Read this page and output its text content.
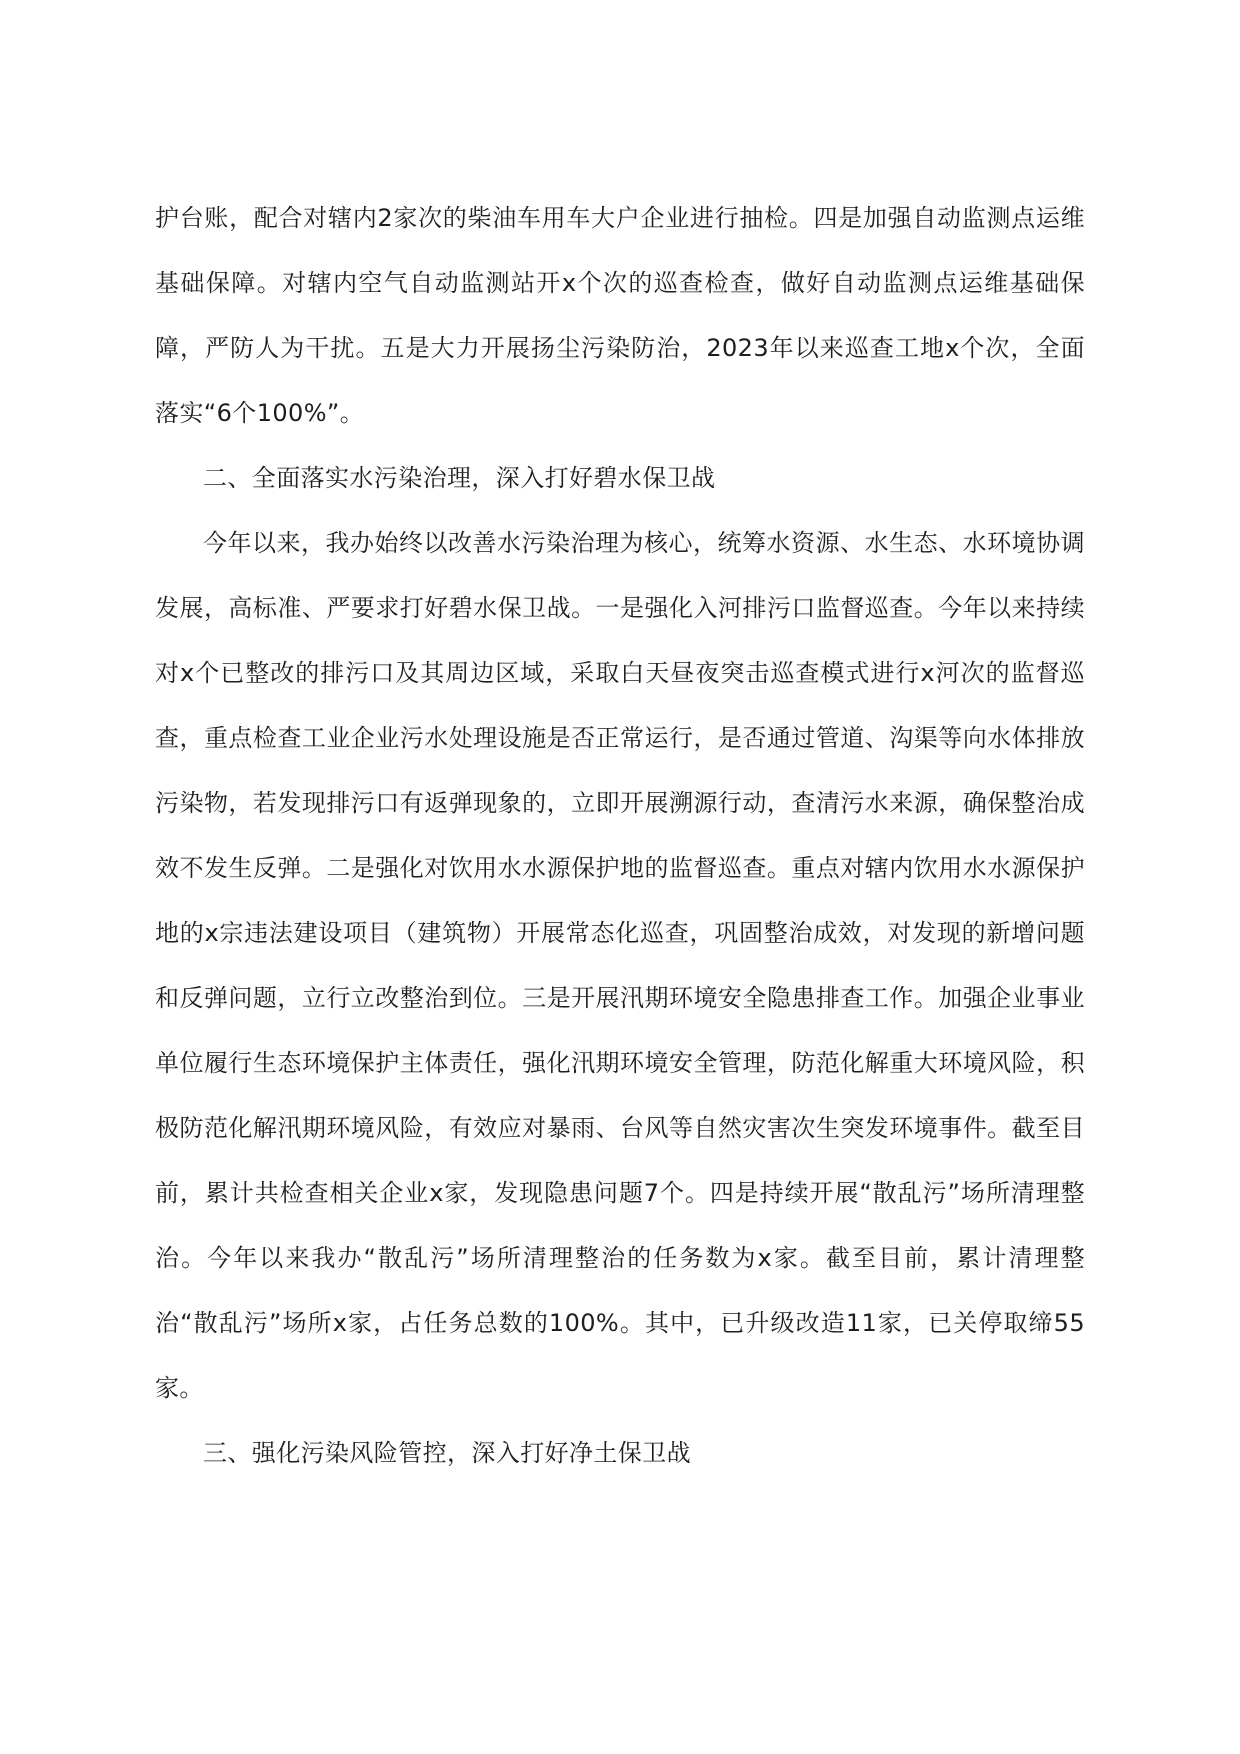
护台账，配合对辖内2家次的柴油车用车大户企业进行抽检。四是加强自动监测点运维基础保障。对辖内空气自动监测站开x个次的巡查检查，做好自动监测点运维基础保障，严防人为干扰。五是大力开展扬尘污染防治，2023年以来巡查工地x个次，全面落实“6个100%”。

二、全面落实水污染治理，深入打好碧水保卫战

今年以来，我办始终以改善水污染治理为核心，统筹水资源、水生态、水环境协调发展，高标准、严要求打好碧水保卫战。一是强化入河排污口监督巡查。今年以来持续对x个已整改的排污口及其周边区域，采取白天昼夜突击巡查模式进行x河次的监督巡查，重点检查工业企业污水处理设施是否正常运行，是否通过管道、沟渠等向水体排放污染物，若发现排污口有返弹现象的，立即开展溯源行动，查清污水来源，确保整治成效不发生反弹。二是强化对饮用水水源保护地的监督巡查。重点对辖内饮用水水源保护地的x宗违法建设项目（建筑物）开展常态化巡查，巩固整治成效，对发现的新增问题和反弹问题，立行立改整治到位。三是开展汛期环境安全隐患排查工作。加强企业事业单位履行生态环境保护主体责任，强化汛期环境安全管理，防范化解重大环境风险，积极防范化解汛期环境风险，有效应对暴雨、台风等自然灾害次生突发环境事件。截至目前，累计共检查相关企业x家，发现隐患问题7个。四是持续开展“散乱污”场所清理整治。今年以来我办“散乱污”场所清理整治的任务数为x家。截至目前，累计清理整治“散乱污”场所x家，占任务总数的100%。其中，已升级改造11家，已关停取缔55家。

三、强化污染风险管控，深入打好净土保卫战
